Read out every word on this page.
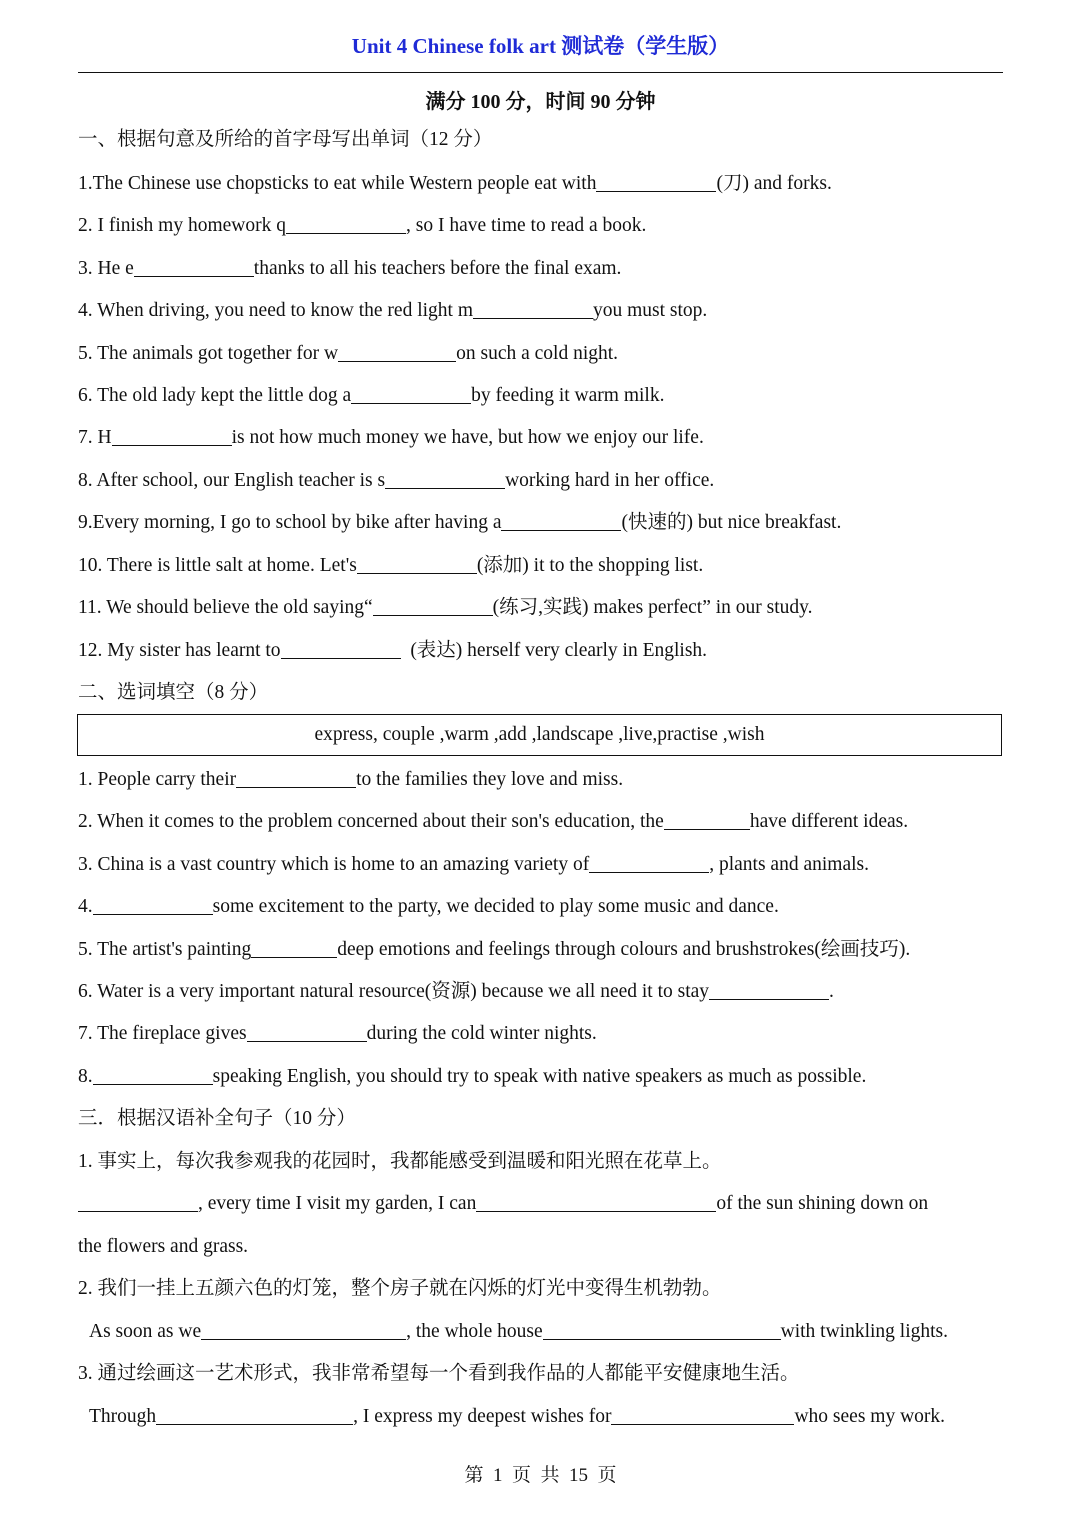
Unit 4 Chinese folk art 测试卷（学生版）
满分 100 分，时间 90 分钟
一、根据句意及所给的首字母写出单词（12 分）
1.The Chinese use chopsticks to eat while Western people eat with	(刀) and forks.
2. I finish my homework q	, so I have time to read a book.
3. He e	thanks to all his teachers before the final exam.
4. When driving, you need to know the red light m	you must stop.
5. The animals got together for w	on such a cold night.
6. The old lady kept the little dog a	by feeding it warm milk.
7. H	is not how much money we have, but how we enjoy our life.
8. After school, our English teacher is s	working hard in her office.
9.Every morning, I go to school by bike after having a	(快速的) but nice breakfast.
10. There is little salt at home. Let's	(添加) it to the shopping list.
11. We should believe the old saying“	(练习,实践) makes perfect” in our study.
12. My sister has learnt to	(表达) herself very clearly in English.
二、选词填空（8 分）
express, couple ,warm ,add ,landscape ,live,practise ,wish
1. People carry their	to the families they love and miss.
2. When it comes to the problem concerned about their son's education, the	have different ideas.
3. China is a vast country which is home to an amazing variety of	, plants and animals.
4.	some excitement to the party, we decided to play some music and dance.
5. The artist's painting	deep emotions and feelings through colours and brushstrokes(绘画技巧).
6. Water is a very important natural resource(资源) because we all need it to stay	.
7. The fireplace gives	during the cold winter nights.
8.	speaking English, you should try to speak with native speakers as much as possible.
三．根据汉语补全句子（10 分）
1. 事实上，每次我参观我的花园时，我都能感受到温暖和阳光照在花草上。
, every time I visit my garden, I can	of the sun shining down on
the flowers and grass.
2. 我们一挂上五颜六色的灯笼，整个房子就在闪烁的灯光中变得生机勃勃。
As soon as we	, the whole house	with twinkling lights.
3. 通过绘画这一艺术形式，我非常希望每一个看到我作品的人都能平安健康地生活。
Through	, I express my deepest wishes for	who sees my work.
第  1  页  共  15  页
